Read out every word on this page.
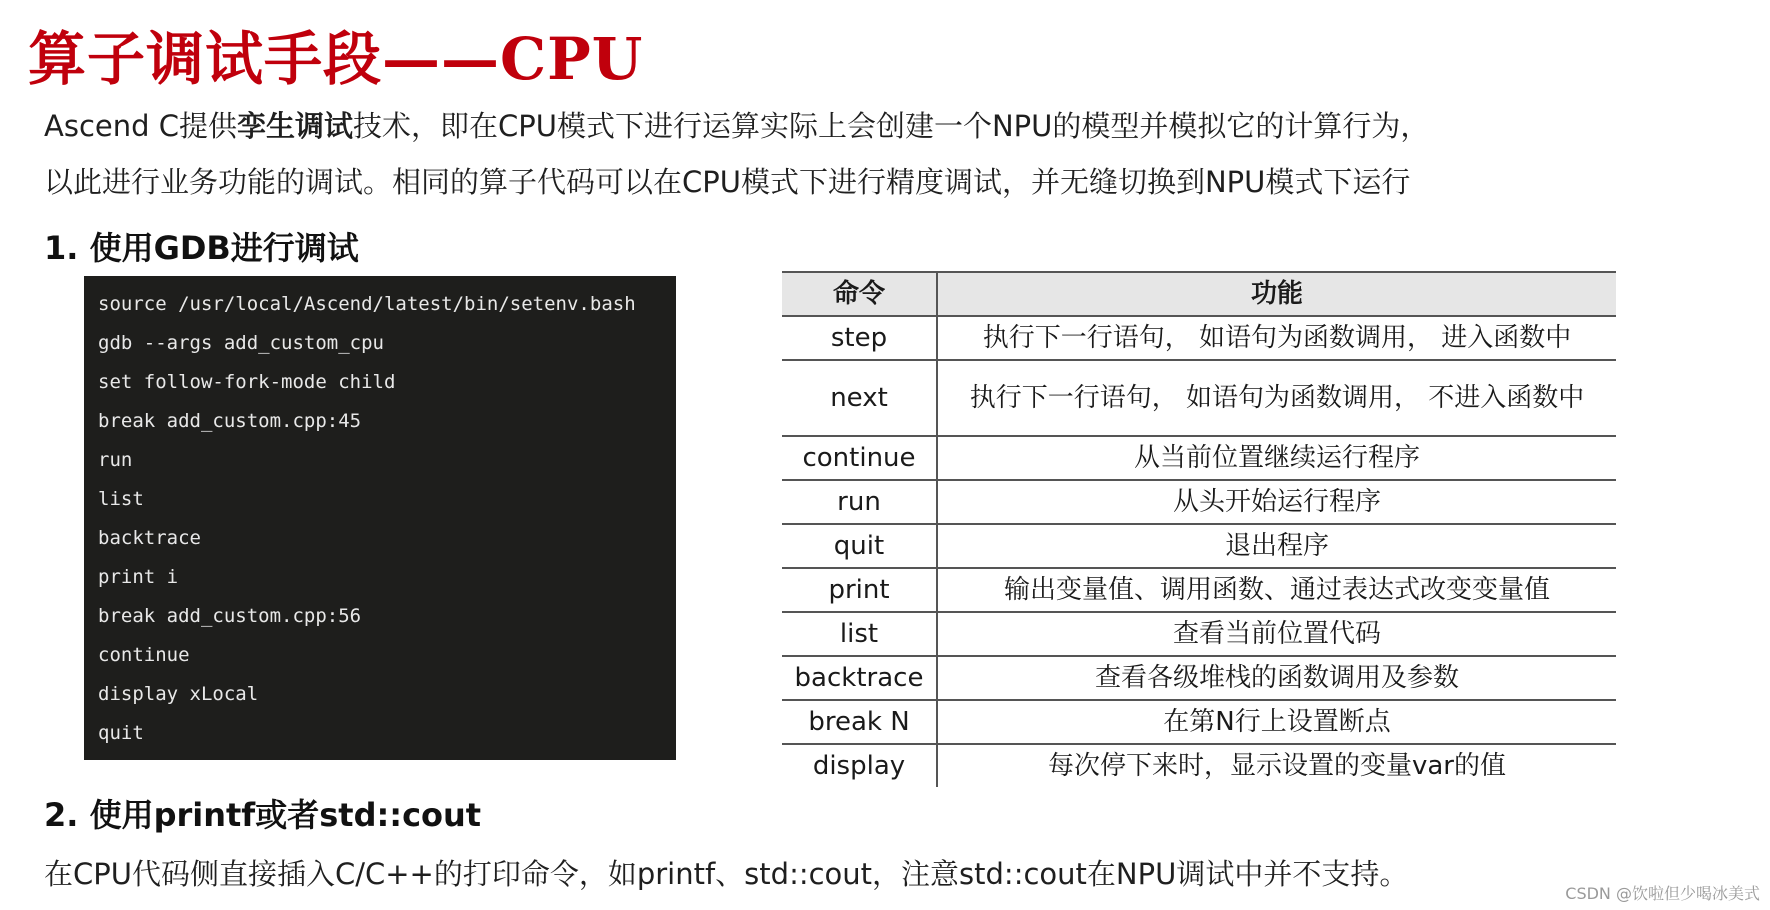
算子调试手段——CPU
Ascend C提供孪生调试技术，即在CPU模式下进行运算实际上会创建一个NPU的模型并模拟它的计算行为，
以此进行业务功能的调试。相同的算子代码可以在CPU模式下进行精度调试，并无缝切换到NPU模式下运行
1. 使用GDB进行调试
source /usr/local/Ascend/latest/bin/setenv.bash
gdb --args add_custom_cpu
set follow-fork-mode child
break add_custom.cpp:45
run
list
backtrace
print i
break add_custom.cpp:56
continue
display xLocal
quit
命令	功能
step	执行下一行语句， 如语句为函数调用， 进入函数中
next	执行下一行语句， 如语句为函数调用， 不进入函数中
continue	从当前位置继续运行程序
run	从头开始运行程序
quit	退出程序
print	输出变量值、调用函数、通过表达式改变变量值
list	查看当前位置代码
backtrace	查看各级堆栈的函数调用及参数
break N	在第N行上设置断点
display	每次停下来时，显示设置的变量var的值
2. 使用printf或者std::cout
在CPU代码侧直接插入C/C++的打印命令，如printf、std::cout，注意std::cout在NPU调试中并不支持。
CSDN @饮啦但少喝冰美式
